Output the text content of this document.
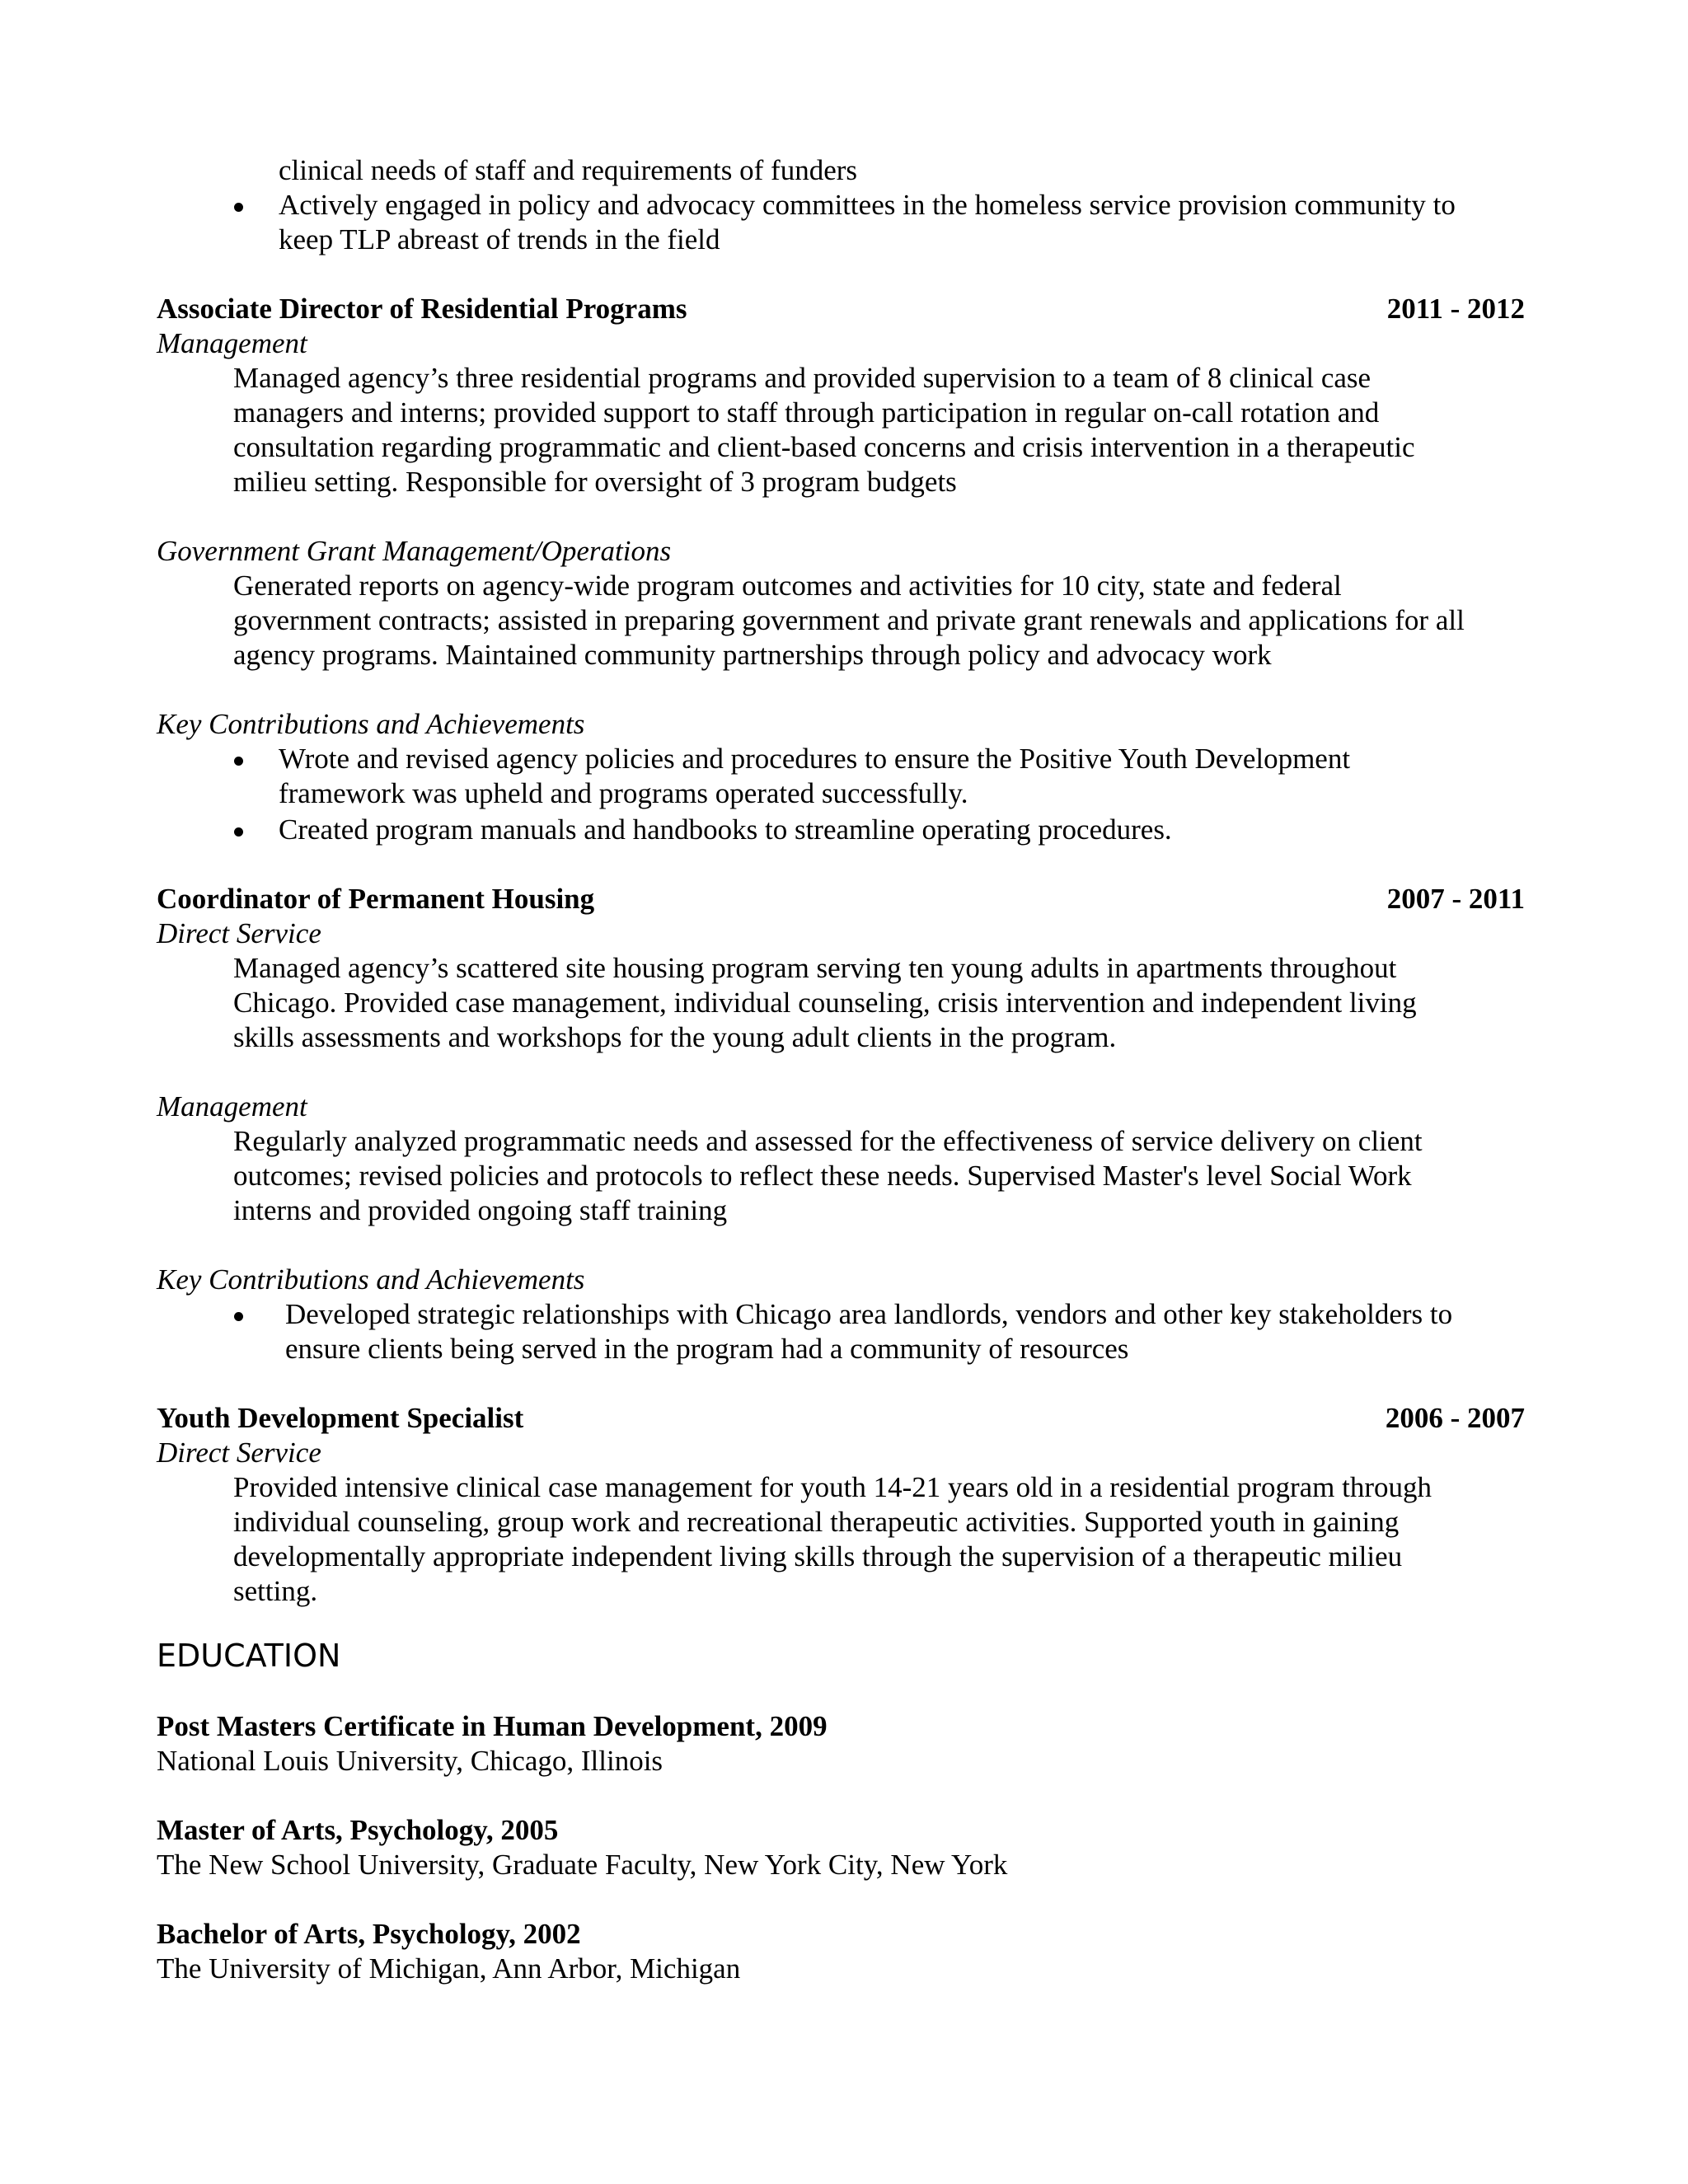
clinical needs of staff and requirements of funders

Actively engaged in policy and advocacy committees in the homeless service provision community to

keep TLP abreast of trends in the field

Associate Director of Residential Programs	2011 - 2012

Management

Managed agency’s three residential programs and provided supervision to a team of 8 clinical case

managers and interns; provided support to staff through participation in regular on-call rotation and

consultation regarding programmatic and client-based concerns and crisis intervention in a therapeutic

milieu setting. Responsible for oversight of 3 program budgets

Government Grant Management/Operations

Generated reports on agency-wide program outcomes and activities for 10 city, state and federal

government contracts; assisted in preparing government and private grant renewals and applications for all

agency programs. Maintained community partnerships through policy and advocacy work

Key Contributions and Achievements

Wrote and revised agency policies and procedures to ensure the Positive Youth Development

framework was upheld and programs operated successfully.

Created program manuals and handbooks to streamline operating procedures.

Coordinator of Permanent Housing	2007 - 2011

Direct Service

Managed agency’s scattered site housing program serving ten young adults in apartments throughout

Chicago. Provided case management, individual counseling, crisis intervention and independent living

skills assessments and workshops for the young adult clients in the program.

Management

Regularly analyzed programmatic needs and assessed for the effectiveness of service delivery on client

outcomes; revised policies and protocols to reflect these needs. Supervised Master's level Social Work

interns and provided ongoing staff training

Key Contributions and Achievements

Developed strategic relationships with Chicago area landlords, vendors and other key stakeholders to

ensure clients being served in the program had a community of resources

Youth Development Specialist	2006 - 2007

Direct Service

Provided intensive clinical case management for youth 14-21 years old in a residential program through

individual counseling, group work and recreational therapeutic activities. Supported youth in gaining

developmentally appropriate independent living skills through the supervision of a therapeutic milieu

setting.

EDUCATION

Post Masters Certificate in Human Development, 2009

National Louis University, Chicago, Illinois

Master of Arts, Psychology, 2005

The New School University, Graduate Faculty, New York City, New York

Bachelor of Arts, Psychology, 2002

The University of Michigan, Ann Arbor, Michigan
